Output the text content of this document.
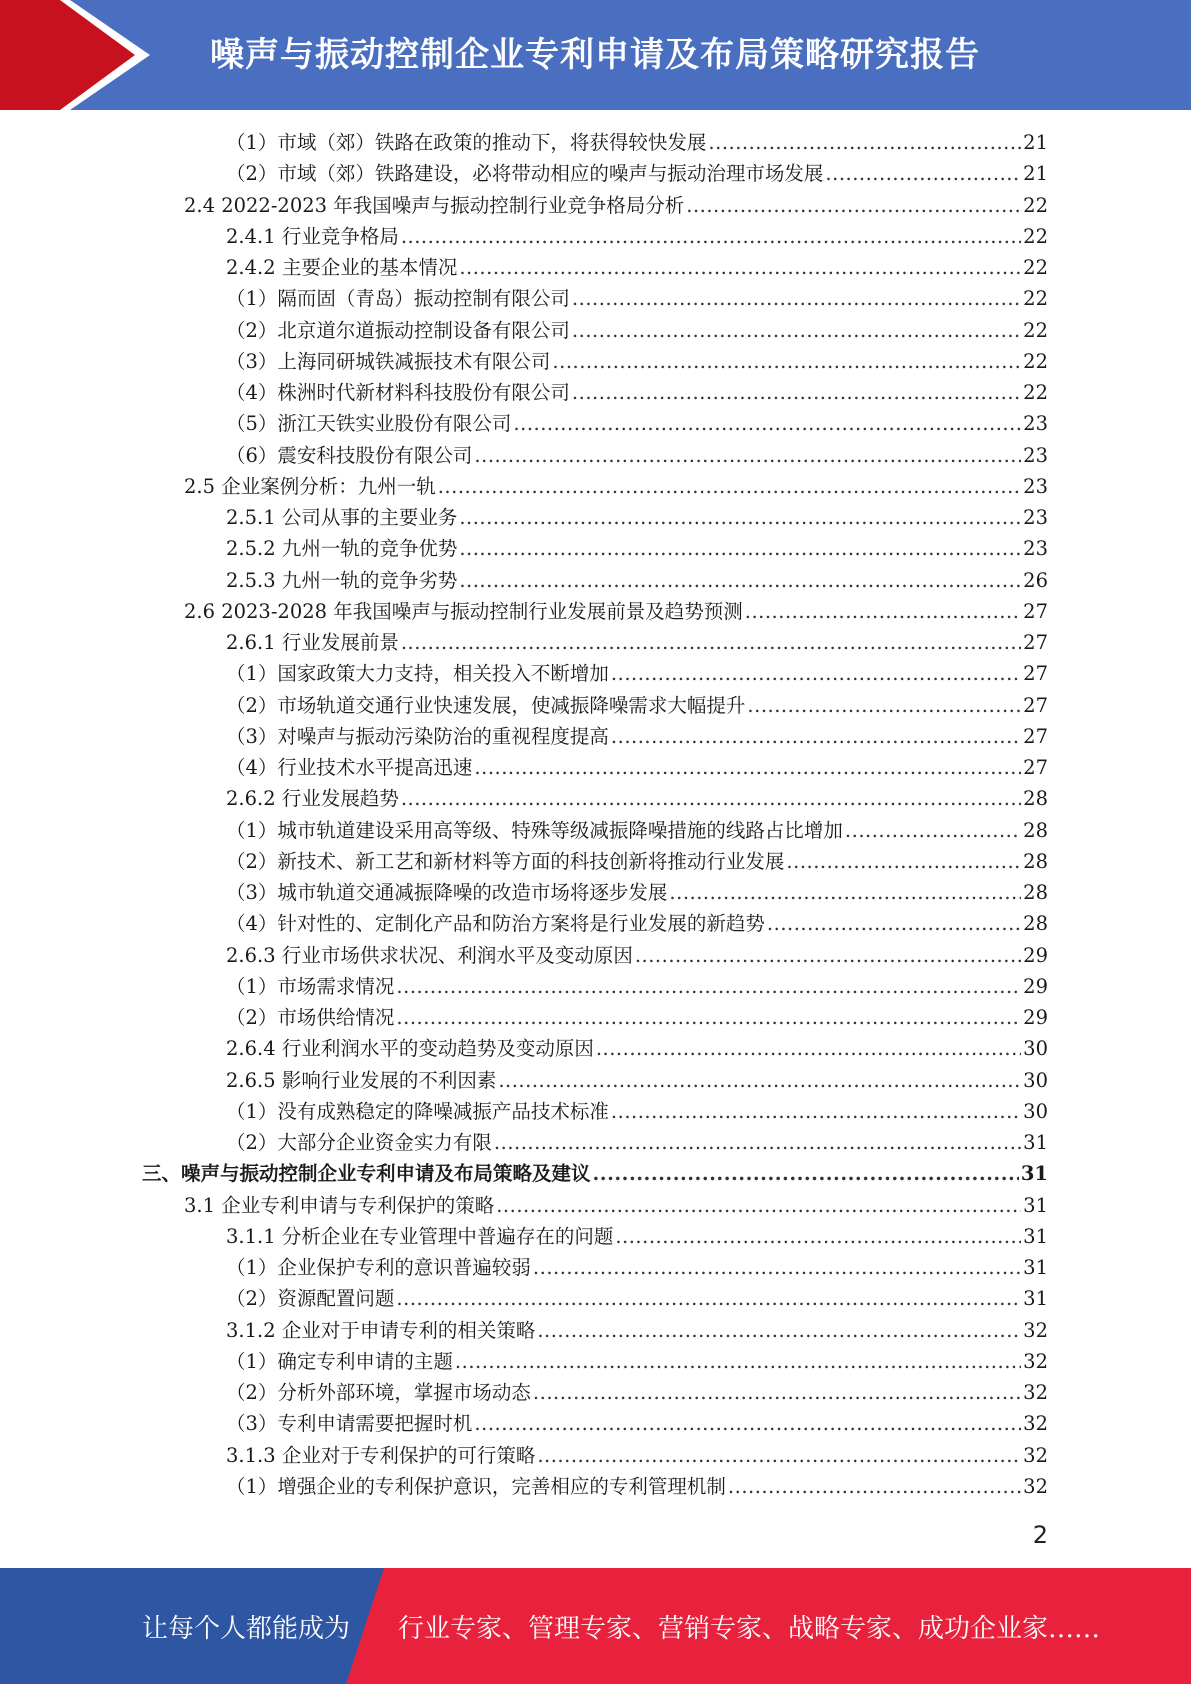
噪声与振动控制企业专利申请及布局策略研究报告
（1）市域（郊）铁路在政策的推动下，将获得较快发展 .....	21
（2）市域（郊）铁路建设，必将带动相应的噪声与振动治理市场发展 .....	21
2.4 2022-2023 年我国噪声与振动控制行业竞争格局分析 .....	22
2.4.1 行业竞争格局 .....	22
2.4.2 主要企业的基本情况 .....	22
（1）隔而固（青岛）振动控制有限公司 .....	22
（2）北京道尔道振动控制设备有限公司 .....	22
（3）上海同研城铁减振技术有限公司 .....	22
（4）株洲时代新材料科技股份有限公司 .....	22
（5）浙江天铁实业股份有限公司 .....	23
（6）震安科技股份有限公司 .....	23
2.5 企业案例分析：九州一轨 .....	23
2.5.1 公司从事的主要业务 .....	23
2.5.2 九州一轨的竞争优势 .....	23
2.5.3 九州一轨的竞争劣势 .....	26
2.6 2023-2028 年我国噪声与振动控制行业发展前景及趋势预测 .....	27
2.6.1 行业发展前景 .....	27
（1）国家政策大力支持，相关投入不断增加 .....	27
（2）市场轨道交通行业快速发展，使减振降噪需求大幅提升 .....	27
（3）对噪声与振动污染防治的重视程度提高 .....	27
（4）行业技术水平提高迅速 .....	27
2.6.2 行业发展趋势 .....	28
（1）城市轨道建设采用高等级、特殊等级减振降噪措施的线路占比增加 .....	28
（2）新技术、新工艺和新材料等方面的科技创新将推动行业发展 .....	28
（3）城市轨道交通减振降噪的改造市场将逐步发展 .....	28
（4）针对性的、定制化产品和防治方案将是行业发展的新趋势 .....	28
2.6.3 行业市场供求状况、利润水平及变动原因 .....	29
（1）市场需求情况 .....	29
（2）市场供给情况 .....	29
2.6.4 行业利润水平的变动趋势及变动原因 .....	30
2.6.5 影响行业发展的不利因素 .....	30
（1）没有成熟稳定的降噪减振产品技术标准 .....	30
（2）大部分企业资金实力有限 .....	31
三、噪声与振动控制企业专利申请及布局策略及建议 .....	31
3.1 企业专利申请与专利保护的策略 .....	31
3.1.1 分析企业在专业管理中普遍存在的问题 .....	31
（1）企业保护专利的意识普遍较弱 .....	31
（2）资源配置问题 .....	31
3.1.2 企业对于申请专利的相关策略 .....	32
（1）确定专利申请的主题 .....	32
（2）分析外部环境，掌握市场动态 .....	32
（3）专利申请需要把握时机 .....	32
3.1.3 企业对于专利保护的可行策略 .....	32
（1）增强企业的专利保护意识，完善相应的专利管理机制 .....	32
2
让每个人都能成为 行业专家、管理专家、营销专家、战略专家、成功企业家……
